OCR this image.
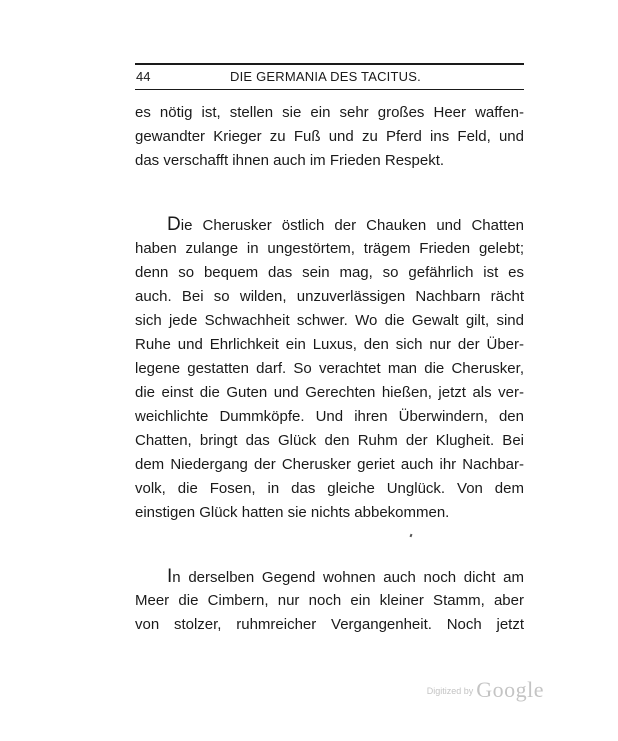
44	DIE GERMANIA DES TACITUS.
es nötig ist, stellen sie ein sehr großes Heer waffen-
gewandter Krieger zu Fuß und zu Pferd ins Feld, und
das verschafft ihnen auch im Frieden Respekt.
Die Cherusker östlich der Chauken und Chatten
haben zulange in ungestörtem, trägem Frieden gelebt;
denn so bequem das sein mag, so gefährlich ist es
auch. Bei so wilden, unzuverlässigen Nachbarn rächt
sich jede Schwachheit schwer. Wo die Gewalt gilt, sind
Ruhe und Ehrlichkeit ein Luxus, den sich nur der Über-
legene gestatten darf. So verachtet man die Cherusker,
die einst die Guten und Gerechten hießen, jetzt als ver-
weichlichte Dummköpfe. Und ihren Überwindern, den
Chatten, bringt das Glück den Ruhm der Klugheit. Bei
dem Niedergang der Cherusker geriet auch ihr Nachbar-
volk, die Fosen, in das gleiche Unglück. Von dem
einstigen Glück hatten sie nichts abbekommen.
In derselben Gegend wohnen auch noch dicht am
Meer die Cimbern, nur noch ein kleiner Stamm, aber
von stolzer, ruhmreicher Vergangenheit. Noch jetzt
Digitized by Google
